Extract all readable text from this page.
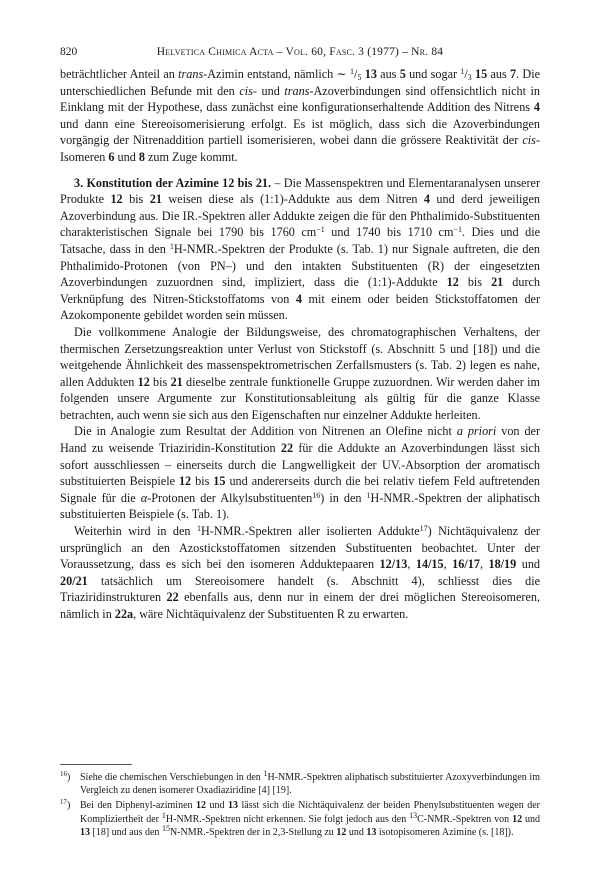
820	Helvetica Chimica Acta – Vol. 60, Fasc. 3 (1977) – Nr. 84

beträchtlicher Anteil an trans-Azimin entstand, nämlich ∼ $^1/_5$ 13 aus 5 und sogar $^1/_3$ 15 aus 7. Die unterschiedlichen Befunde mit den cis- und trans-Azoverbindungen sind offensichtlich nicht in Einklang mit der Hypothese, dass zunächst eine konfigurationserhaltende Addition des Nitrens 4 und dann eine Stereoisomerisierung erfolgt. Es ist möglich, dass sich die Azoverbindungen vorgängig der Nitrenaddition partiell isomerisieren, wobei dann die grössere Reaktivität der cis-Isomeren 6 und 8 zum Zuge kommt.

3. Konstitution der Azimine 12 bis 21. – Die Massenspektren und Elementaranalysen unserer Produkte 12 bis 21 weisen diese als (1:1)-Addukte aus dem Nitren 4 und derd jeweiligen Azoverbindung aus. Die IR.-Spektren aller Addukte zeigen die für den Phthalimido-Substituenten charakteristischen Signale bei 1790 bis 1760 $cm^{-1}$ und 1740 bis 1710 $cm^{-1}$. Dies und die Tatsache, dass in den $^1$H-NMR.-Spektren der Produkte (s. Tab. 1) nur Signale auftreten, die den Phthalimido-Protonen (von PN–) und den intakten Substituenten (R) der eingesetzten Azoverbindungen zuzuordnen sind, impliziert, dass die (1:1)-Addukte 12 bis 21 durch Verknüpfung des Nitren-Stickstoffatoms von 4 mit einem oder beiden Stickstoffatomen der Azokomponente gebildet worden sein müssen.

Die vollkommene Analogie der Bildungsweise, des chromatographischen Verhaltens, der thermischen Zersetzungsreaktion unter Verlust von Stickstoff (s. Abschnitt 5 und [18]) und die weitgehende Ähnlichkeit des massenspektrometrischen Zerfallsmusters (s. Tab. 2) legen es nahe, allen Addukten 12 bis 21 dieselbe zentrale funktionelle Gruppe zuzuordnen. Wir werden daher im folgenden unsere Argumente zur Konstitutionsableitung als gültig für die ganze Klasse betrachten, auch wenn sie sich aus den Eigenschaften nur einzelner Addukte herleiten.

Die in Analogie zum Resultat der Addition von Nitrenen an Olefine nicht a priori von der Hand zu weisende Triaziridin-Konstitution 22 für die Addukte an Azoverbindungen lässt sich sofort ausschliessen – einerseits durch die Langwelligkeit der UV.-Absorption der aromatisch substituierten Beispiele 12 bis 15 und andererseits durch die bei relativ tiefem Feld auftretenden Signale für die α-Protonen der Alkylsubstituenten$^{16}$) in den $^1$H-NMR.-Spektren der aliphatisch substituierten Beispiele (s. Tab. 1).

Weiterhin wird in den $^1$H-NMR.-Spektren aller isolierten Addukte$^{17}$) Nichtäquivalenz der ursprünglich an den Azostickstoffatomen sitzenden Substituenten beobachtet. Unter der Voraussetzung, dass es sich bei den isomeren Adduktepaaren 12/13, 14/15, 16/17, 18/19 und 20/21 tatsächlich um Stereoisomere handelt (s. Abschnitt 4), schliesst dies die Triaziridinstrukturen 22 ebenfalls aus, denn nur in einem der drei möglichen Stereoisomeren, nämlich in 22a, wäre Nichtäquivalenz der Substituenten R zu erwarten.

$^{16}$) Siehe die chemischen Verschiebungen in den $^1$H-NMR.-Spektren aliphatisch substituierter Azoxyverbindungen im Vergleich zu denen isomerer Oxadiaziridine [4] [19].
$^{17}$) Bei den Diphenyl-aziminen 12 und 13 lässt sich die Nichtäquivalenz der beiden Phenylsubstituenten wegen der Kompliziertheit der $^1$H-NMR.-Spektren nicht erkennen. Sie folgt jedoch aus den $^{13}$C-NMR.-Spektren von 12 und 13 [18] und aus den $^{15}$N-NMR.-Spektren der in 2,3-Stellung zu 12 und 13 isotopisomeren Azimine (s. [18]).
